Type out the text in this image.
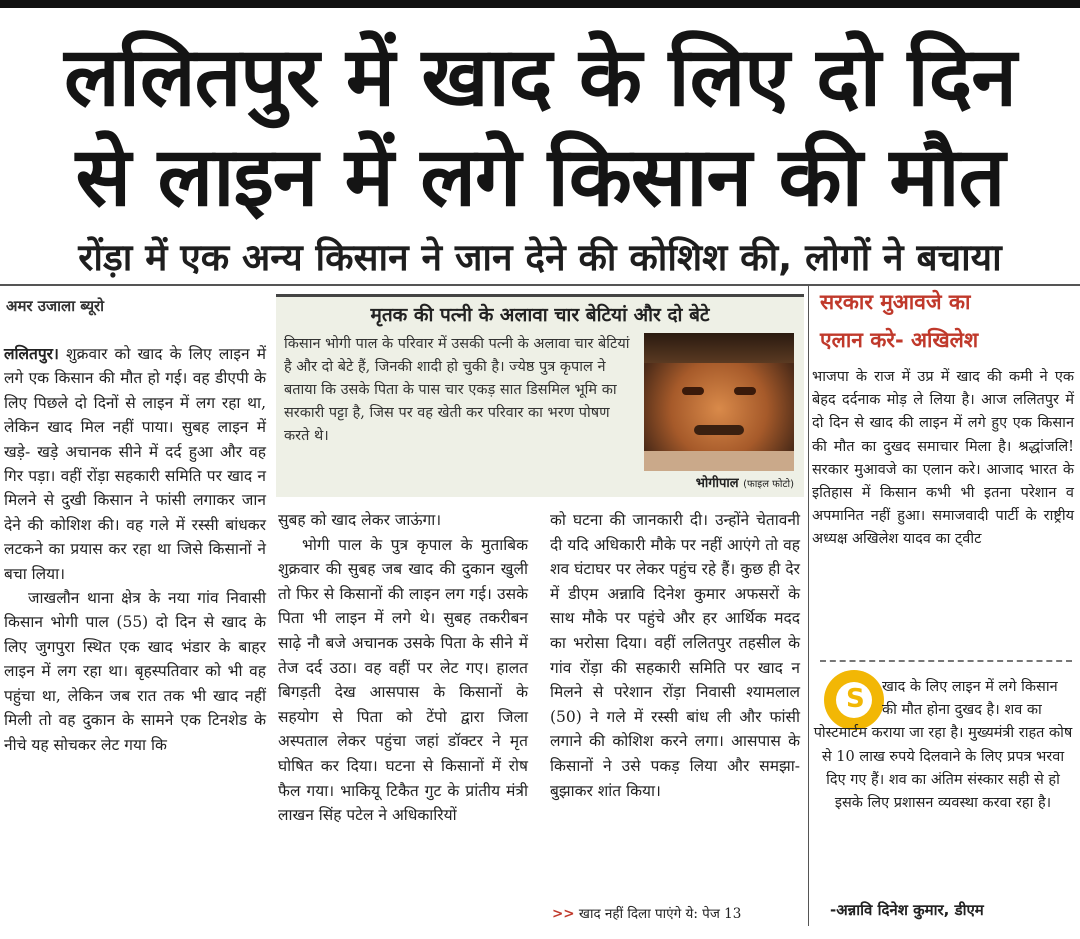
ललितपुर में खाद के लिए दो दिन
से लाइन में लगे किसान की मौत
रोंड़ा में एक अन्य किसान ने जान देने की कोशिश की, लोगों ने बचाया
अमर उजाला ब्यूरो

ललितपुर। शुक्रवार को खाद के लिए लाइन में लगे एक किसान की मौत हो गई। वह डीएपी के लिए पिछले दो दिनों से लाइन में लग रहा था, लेकिन खाद मिल नहीं पाया। सुबह लाइन में खड़े- खड़े अचानक सीने में दर्द हुआ और वह गिर पड़ा। वहीं रोंड़ा सहकारी समिति पर खाद न मिलने से दुखी किसान ने फांसी लगाकर जान देने की कोशिश की। वह गले में रस्सी बांधकर लटकने का प्रयास कर रहा था जिसे किसानों ने बचा लिया।

जाखलौन थाना क्षेत्र के नया गांव निवासी किसान भोगी पाल (55) दो दिन से खाद के लिए जुगपुरा स्थित एक खाद भंडार के बाहर लाइन में लग रहा था। बृहस्पतिवार को भी वह पहुंचा था, लेकिन जब रात तक भी खाद नहीं मिली तो वह दुकान के सामने एक टिनशेड के नीचे यह सोचकर लेट गया कि

मृतक की पत्नी के अलावा चार बेटियां और दो बेटे
किसान भोगी पाल के परिवार में उसकी पत्नी के अलावा चार बेटियां है और दो बेटे हैं, जिनकी शादी हो चुकी है। ज्येष्ठ पुत्र कृपाल ने बताया कि उसके पिता के पास चार एकड़ सात डिसमिल भूमि का सरकारी पट्टा है, जिस पर वह खेती कर परिवार का भरण पोषण करते थे।
भोगीपाल (फाइल फोटो)

सुबह को खाद लेकर जाऊंगा।

भोगी पाल के पुत्र कृपाल के मुताबिक शुक्रवार की सुबह जब खाद की दुकान खुली तो फिर से किसानों की लाइन लग गई। उसके पिता भी लाइन में लगे थे। सुबह तकरीबन साढ़े नौ बजे अचानक उसके पिता के सीने में तेज दर्द उठा। वह वहीं पर लेट गए। हालत बिगड़ती देख आसपास के किसानों के सहयोग से पिता को टेंपो द्वारा जिला अस्पताल लेकर पहुंचा जहां डॉक्टर ने मृत घोषित कर दिया। घटना से किसानों में रोष फैल गया। भाकियू टिकैत गुट के प्रांतीय मंत्री लाखन सिंह पटेल ने अधिकारियों

को घटना की जानकारी दी। उन्होंने चेतावनी दी यदि अधिकारी मौके पर नहीं आएंगे तो वह शव घंटाघर पर लेकर पहुंच रहे हैं। कुछ ही देर में डीएम अन्नावि दिनेश कुमार अफसरों के साथ मौके पर पहुंचे और हर आर्थिक मदद का भरोसा दिया। वहीं ललितपुर तहसील के गांव रोंड़ा की सहकारी समिति पर खाद न मिलने से परेशान रोंड़ा निवासी श्यामलाल (50) ने गले में रस्सी बांध ली और फांसी लगाने की कोशिश करने लगा। आसपास के किसानों ने उसे पकड़ लिया और समझा-बुझाकर शांत किया।

>> खाद नहीं दिला पाएंगे ये: पेज 13
सरकार मुआवजे का
एलान करे- अखिलेश

भाजपा के राज में उप्र में खाद की कमी ने एक बेहद दर्दनाक मोड़ ले लिया है। आज ललितपुर में दो दिन से खाद की लाइन में लगे हुए एक किसान की मौत का दुखद समाचार मिला है। श्रद्धांजलि! सरकार मुआवजे का एलान करे। आजाद भारत के इतिहास में किसान कभी भी इतना परेशान व अपमानित नहीं हुआ। समाजवादी पार्टी के राष्ट्रीय अध्यक्ष अखिलेश यादव का ट्वीट

S	खाद के लिए लाइन में लगे किसान की मौत होना दुखद है। शव का

पोस्टमार्टम कराया जा रहा है। मुख्यमंत्री राहत कोष से 10 लाख रुपये दिलवाने के लिए प्रपत्र भरवा दिए गए हैं। शव का अंतिम संस्कार सही से हो इसके लिए प्रशासन व्यवस्था करवा रहा है।

-अन्नावि दिनेश कुमार, डीएम
